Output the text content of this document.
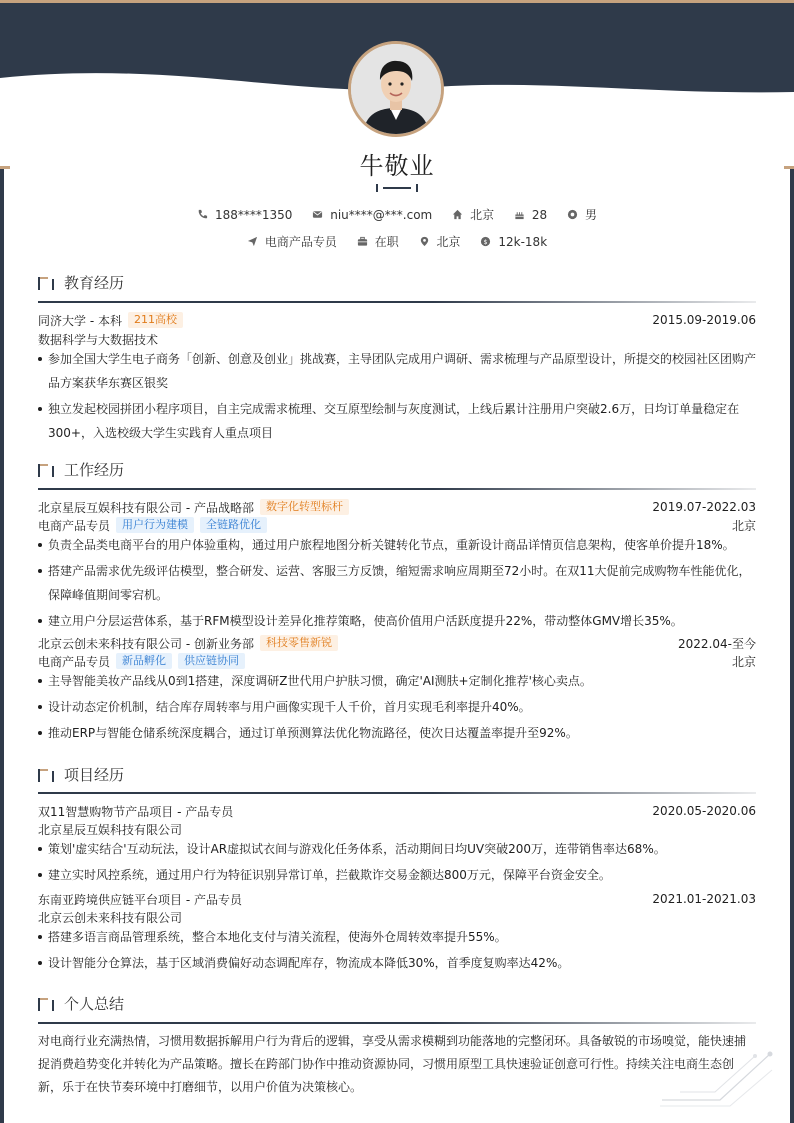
牛敬业
188****1350
	niu****@***.com
	北京
	28
	男
电商产品专员
	在职
	北京
	$ 12k-18k
教育经历
同济大学 - 本科	211高校	2015.09-2019.06
数据科学与大数据技术
参加全国大学生电子商务「创新、创意及创业」挑战赛，主导团队完成用户调研、需求梳理与产品原型设计，所提交的校园社区团购产品方案获华东赛区银奖
独立发起校园拼团小程序项目，自主完成需求梳理、交互原型绘制与灰度测试，上线后累计注册用户突破2.6万，日均订单量稳定在300+，入选校级大学生实践育人重点项目
工作经历
北京星辰互娱科技有限公司 - 产品战略部	数字化转型标杆	2019.07-2022.03
电商产品专员	用户行为建模	全链路优化	北京
负责全品类电商平台的用户体验重构，通过用户旅程地图分析关键转化节点，重新设计商品详情页信息架构，使客单价提升18%。
搭建产品需求优先级评估模型，整合研发、运营、客服三方反馈，缩短需求响应周期至72小时。在双11大促前完成购物车性能优化，保障峰值期间零宕机。
建立用户分层运营体系，基于RFM模型设计差异化推荐策略，使高价值用户活跃度提升22%，带动整体GMV增长35%。
北京云创未来科技有限公司 - 创新业务部	科技零售新锐	2022.04-至今
电商产品专员	新品孵化	供应链协同	北京
主导智能美妆产品线从0到1搭建，深度调研Z世代用户护肤习惯，确定'AI测肤+定制化推荐'核心卖点。
设计动态定价机制，结合库存周转率与用户画像实现千人千价，首月实现毛利率提升40%。
推动ERP与智能仓储系统深度耦合，通过订单预测算法优化物流路径，使次日达覆盖率提升至92%。
项目经历
双11智慧购物节产品项目 - 产品专员	2020.05-2020.06
北京星辰互娱科技有限公司
策划'虚实结合'互动玩法，设计AR虚拟试衣间与游戏化任务体系，活动期间日均UV突破200万，连带销售率达68%。
建立实时风控系统，通过用户行为特征识别异常订单，拦截欺诈交易金额达800万元，保障平台资金安全。
东南亚跨境供应链平台项目 - 产品专员	2021.01-2021.03
北京云创未来科技有限公司
搭建多语言商品管理系统，整合本地化支付与清关流程，使海外仓周转效率提升55%。
设计智能分仓算法，基于区域消费偏好动态调配库存，物流成本降低30%，首季度复购率达42%。
个人总结

对电商行业充满热情，习惯用数据拆解用户行为背后的逻辑，享受从需求模糊到功能落地的完整闭环。具备敏锐的市场嗅觉，能快速捕捉消费趋势变化并转化为产品策略。擅长在跨部门协作中推动资源协同，习惯用原型工具快速验证创意可行性。持续关注电商生态创新，乐于在快节奏环境中打磨细节，以用户价值为决策核心。
